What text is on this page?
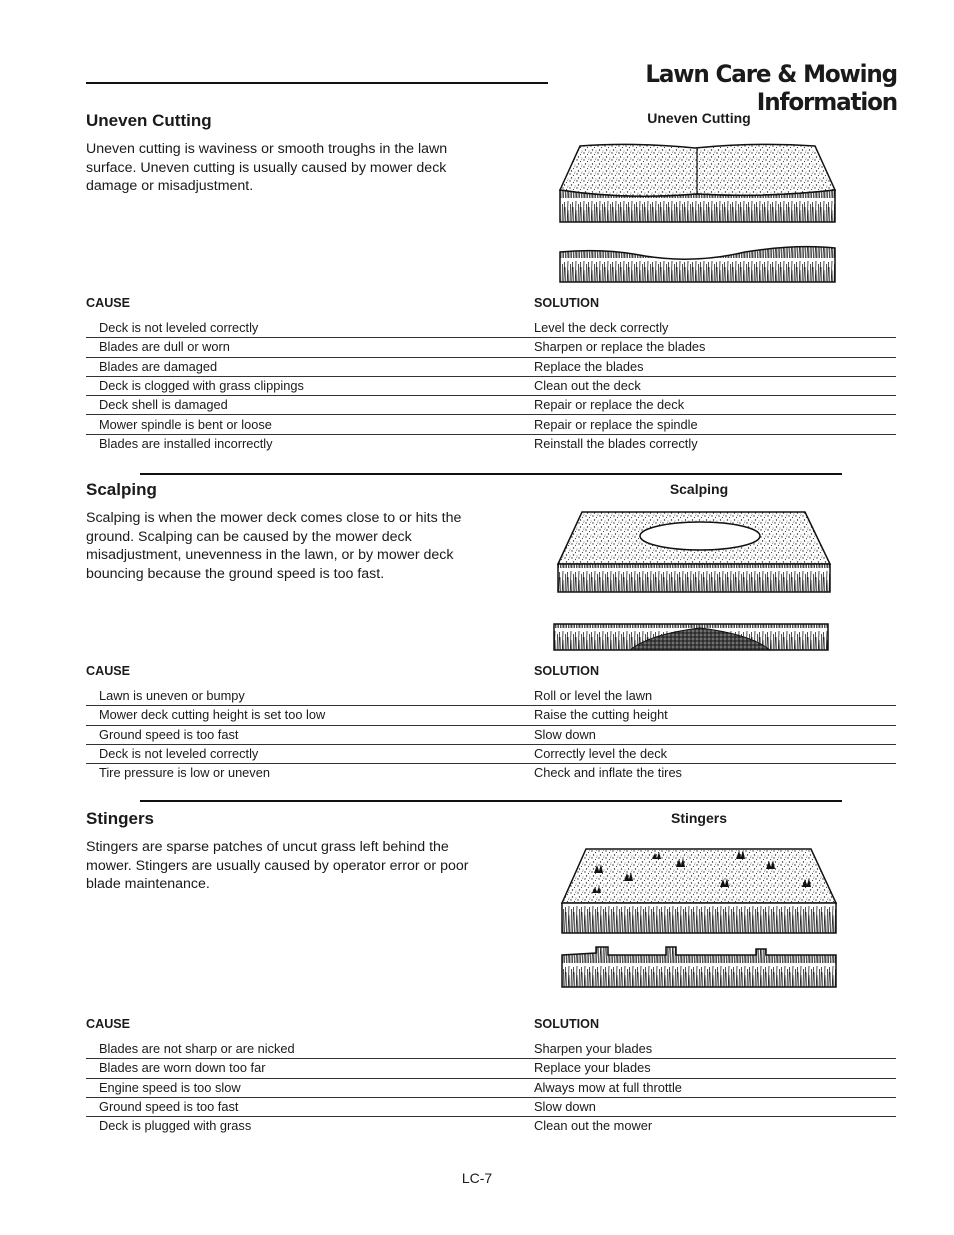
Lawn Care & Mowing Information
Uneven Cutting
Uneven cutting is waviness or smooth troughs in the lawn surface. Uneven cutting is usually caused by mower deck damage or misadjustment.
Uneven Cutting
CAUSE	SOLUTION
Deck is not leveled correctly	Level the deck correctly
Blades are dull or worn	Sharpen or replace the blades
Blades are damaged	Replace the blades
Deck is clogged with grass clippings	Clean out the deck
Deck shell is damaged	Repair or replace the deck
Mower spindle is bent or loose	Repair or replace the spindle
Blades are installed incorrectly	Reinstall the blades correctly
Scalping
Scalping is when the mower deck comes close to or hits the ground. Scalping can be caused by the mower deck misadjustment, unevenness in the lawn, or by mower deck bouncing because the ground speed is too fast.
Scalping
CAUSE	SOLUTION
Lawn is uneven or bumpy	Roll or level the lawn
Mower deck cutting height is set too low	Raise the cutting height
Ground speed is too fast	Slow down
Deck is not leveled correctly	Correctly level the deck
Tire pressure is low or uneven	Check and inflate the tires
Stingers
Stingers are sparse patches of uncut grass left behind the mower. Stingers are usually caused by operator error or poor blade maintenance.
Stingers
CAUSE	SOLUTION
Blades are not sharp or are nicked	Sharpen your blades
Blades are worn down too far	Replace your blades
Engine speed is too slow	Always mow at full throttle
Ground speed is too fast	Slow down
Deck is plugged with grass	Clean out the mower
LC-7
